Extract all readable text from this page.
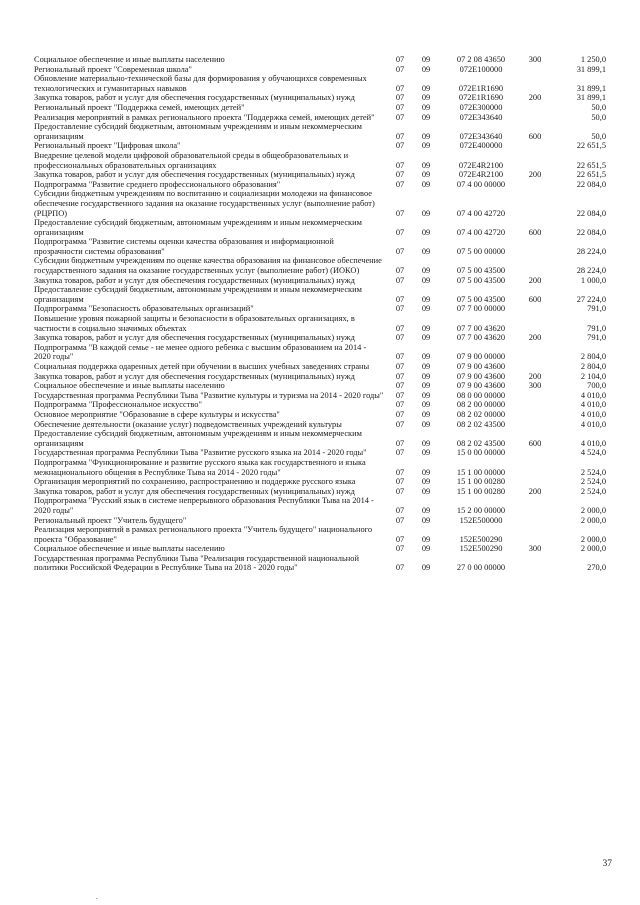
Социальное обеспечение и иные выплаты населению	07	09	07 2 08 43650	300	1 250,0
Региональный проект "Современная школа"	07	09	072E100000	31 899,1
Обновление материально-технической базы для формирования у обучающихся современных технологических и гуманитарных навыков	07	09	072E1R1690	31 899,1
Закупка товаров, работ и услуг для обеспечения государственных (муниципальных) нужд	07	09	072E1R1690	200	31 899,1
Региональный проект "Поддержка семей, имеющих детей"	07	09	072E300000	50,0
Реализация мероприятий в рамках регионального проекта "Поддержка семей, имеющих детей"	07	09	072E343640	50,0
Предоставление субсидий бюджетным, автономным учреждениям и иным некоммерческим организациям	07	09	072E343640	600	50,0
Региональный проект "Цифровая школа"	07	09	072E400000	22 651,5
Внедрение целевой модели цифровой образовательной среды в общеобразовательных и профессиональных образовательных организациях	07	09	072E4R2100	22 651,5
Закупка товаров, работ и услуг для обеспечения государственных (муниципальных) нужд	07	09	072E4R2100	200	22 651,5
Подпрограмма "Развитие среднего профессионального образования"	07	09	07 4 00 00000	22 084,0
Субсидии бюджетным учреждениям по воспитанию и социализации молодежи на финансовое обеспечение государственного задания на оказание государственных услуг (выполнение работ) (РЦРПО)	07	09	07 4 00 42720	22 084,0
Предоставление субсидий бюджетным, автономным учреждениям и иным некоммерческим организациям	07	09	07 4 00 42720	600	22 084,0
Подпрограмма "Развитие системы оценки качества образования и информационной прозрачности системы образования"	07	09	07 5 00 00000	28 224,0
Субсидии бюджетным учреждениям по оценке качества образования на финансовое обеспечение государственного задания на оказание государственных услуг (выполнение работ) (ИОКО)	07	09	07 5 00 43500	28 224,0
Закупка товаров, работ и услуг для обеспечения государственных (муниципальных) нужд	07	09	07 5 00 43500	200	1 000,0
Предоставление субсидий бюджетным, автономным учреждениям и иным некоммерческим организациям	07	09	07 5 00 43500	600	27 224,0
Подпрограмма "Безопасность образовательных организаций"	07	09	07 7 00 00000	791,0
Повышение уровня пожарной защиты и безопасности в образовательных организациях, в частности в социально значимых объектах	07	09	07 7 00 43620	791,0
Закупка товаров, работ и услуг для обеспечения государственных (муниципальных) нужд	07	09	07 7 00 43620	200	791,0
Подпрограмма "В каждой семье - не менее одного ребенка с высшим образованием на 2014 - 2020 годы"	07	09	07 9 00 00000	2 804,0
Социальная поддержка одаренных детей при обучении в высших учебных заведениях страны	07	09	07 9 00 43600	2 804,0
Закупка товаров, работ и услуг для обеспечения государственных (муниципальных) нужд	07	09	07 9 00 43600	200	2 104,0
Социальное обеспечение и иные выплаты населению	07	09	07 9 00 43600	300	700,0
Государственная программа Республики Тыва "Развитие культуры и туризма на 2014 - 2020 годы"	07	09	08 0 00 00000	4 010,0
Подпрограмма "Профессиональное искусство"	07	09	08 2 00 00000	4 010,0
Основное мероприятие "Образование в сфере культуры и искусства"	07	09	08 2 02 00000	4 010,0
Обеспечение деятельности (оказание услуг) подведомственных учреждений культуры	07	09	08 2 02 43500	4 010,0
Предоставление субсидий бюджетным, автономным учреждениям и иным некоммерческим организациям	07	09	08 2 02 43500	600	4 010,0
Государственная программа Республики Тыва "Развитие русского языка на 2014 - 2020 годы"	07	09	15 0 00 00000	4 524,0
Подпрограмма "Функционирование и развитие русского языка как государственного и языка межнационального общения в Республике Тыва на 2014 - 2020 годы"	07	09	15 1 00 00000	2 524,0
Организация мероприятий по сохранению, распространению и поддержке русского языка	07	09	15 1 00 00280	2 524,0
Закупка товаров, работ и услуг для обеспечения государственных (муниципальных) нужд	07	09	15 1 00 00280	200	2 524,0
Подпрограмма "Русский язык в системе непрерывного образования Республики Тыва на 2014 - 2020 годы"	07	09	15 2 00 00000	2 000,0
Региональный проект "Учитель будущего"	07	09	152E500000	2 000,0
Реализация мероприятий в рамках регионального проекта "Учитель будущего" национального проекта "Образование"	07	09	152E500290	2 000,0
Социальное обеспечение и иные выплаты населению	07	09	152E500290	300	2 000,0
Государственная программа Республики Тыва "Реализация государственной национальной политики Российской Федерации в Республике Тыва на 2018 - 2020 годы"	07	09	27 0 00 00000	270,0
37
.
